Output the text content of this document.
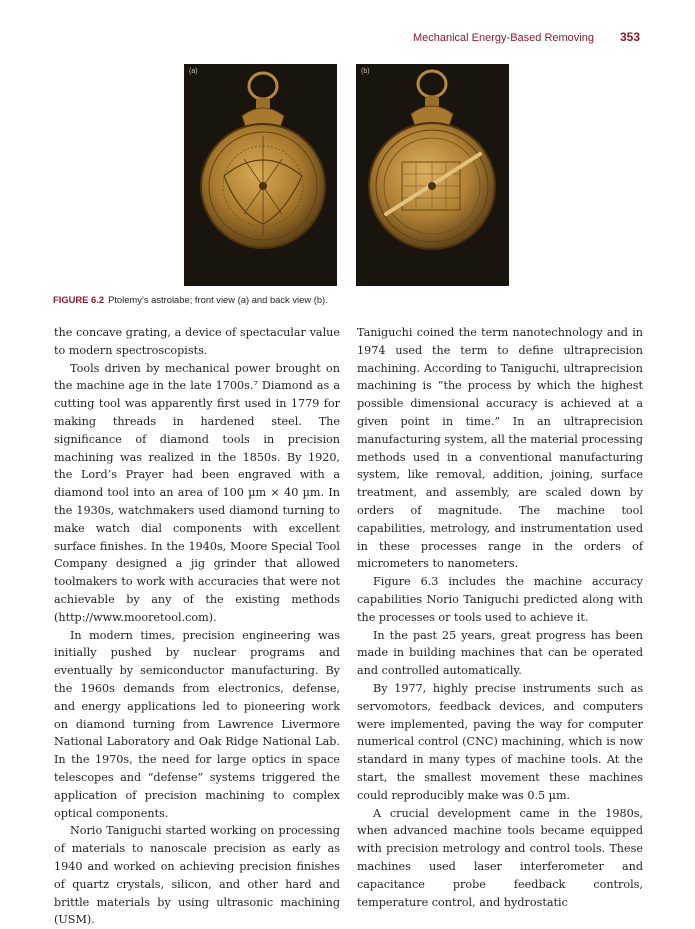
Mechanical Energy-Based Removing 353
(a)	(b)
FIGURE 6.2 Ptolemy’s astrolabe; front view (a) and back view (b).

the concave grating, a device of spectacular value to modern spectroscopists.

Tools driven by mechanical power brought on the machine age in the late 1700s.⁷ Diamond as a cutting tool was apparently first used in 1779 for making threads in hardened steel. The significance of diamond tools in precision machining was realized in the 1850s. By 1920, the Lord’s Prayer had been engraved with a diamond tool into an area of 100 µm × 40 µm. In the 1930s, watchmakers used diamond turning to make watch dial components with excellent surface finishes. In the 1940s, Moore Special Tool Company designed a jig grinder that allowed toolmakers to work with accuracies that were not achievable by any of the existing methods (http://www.mooretool.com).

In modern times, precision engineering was initially pushed by nuclear programs and eventually by semiconductor manufacturing. By the 1960s demands from electronics, defense, and energy applications led to pioneering work on diamond turning from Lawrence Livermore National Laboratory and Oak Ridge National Lab. In the 1970s, the need for large optics in space telescopes and “defense” systems triggered the application of precision machining to complex optical components.

Norio Taniguchi started working on processing of materials to nanoscale precision as early as 1940 and worked on achieving precision finishes of quartz crystals, silicon, and other hard and brittle materials by using ultrasonic machining (USM).

Taniguchi coined the term nanotechnology and in 1974 used the term to define ultraprecision machining. According to Taniguchi, ultraprecision machining is “the process by which the highest possible dimensional accuracy is achieved at a given point in time.” In an ultraprecision manufacturing system, all the material processing methods used in a conventional manufacturing system, like removal, addition, joining, surface treatment, and assembly, are scaled down by orders of magnitude. The machine tool capabilities, metrology, and instrumentation used in these processes range in the orders of micrometers to nanometers.

Figure 6.3 includes the machine accuracy capabilities Norio Taniguchi predicted along with the processes or tools used to achieve it.

In the past 25 years, great progress has been made in building machines that can be operated and controlled automatically.

By 1977, highly precise instruments such as servomotors, feedback devices, and computers were implemented, paving the way for computer numerical control (CNC) machining, which is now standard in many types of machine tools. At the start, the smallest movement these machines could reproducibly make was 0.5 µm.

A crucial development came in the 1980s, when advanced machine tools became equipped with precision metrology and control tools. These machines used laser interferometer and capacitance probe feedback controls, temperature control, and hydrostatic
